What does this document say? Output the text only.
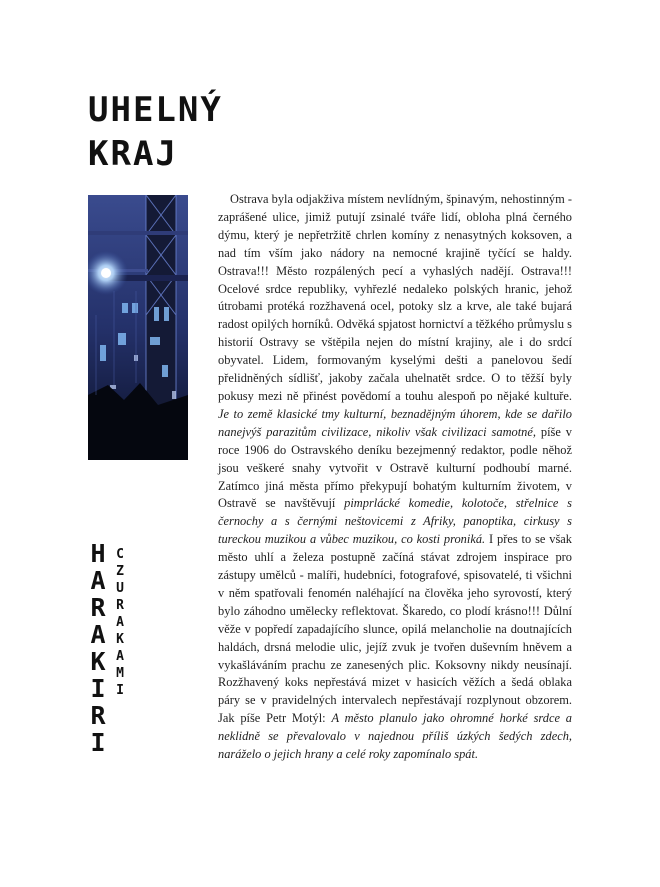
UHELNÝ
KRAJ

Ostrava byla odjakživa místem nevlídným, špinavým, nehostinným - zaprášené ulice, jimiž putují zsinalé tváře lidí, obloha plná černého dýmu, který je nepřetržitě chrlen komíny z nenasytných koksoven, a nad tím vším jako nádory na nemocné krajině tyčící se haldy. Ostrava!!! Město rozpálených pecí a vyhaslých nadějí. Ostrava!!! Ocelové srdce republiky, vyhřezlé nedaleko polských hranic, jehož útrobami protéká rozžhavená ocel, potoky slz a krve, ale také bujará radost opilých horníků. Odvěká spjatost hornictví a těžkého průmyslu s historií Ostravy se vštěpila nejen do místní krajiny, ale i do srdcí obyvatel. Lidem, formovaným kyselými dešti a panelovou šedí přelidněných sídlišť, jakoby začala uhelnatět srdce. O to těžší byly pokusy mezi ně přinést povědomí a touhu alespoň po nějaké kultuře. Je to země klasické tmy kulturní, beznadějným úhorem, kde se dařilo nanejvýš parazitům civilizace, nikoliv však civilizaci samotné, píše v roce 1906 do Ostravského deníku bezejmenný redaktor, podle něhož jsou veškeré snahy vytvořit v Ostravě kulturní podhoubí marné. Zatímco jiná města přímo překypují bohatým kulturním životem, v Ostravě se navštěvují pimprlácké komedie, kolotoče, střelnice s černochy a s černými neštovicemi z Afriky, panoptika, cirkusy s tureckou muzikou a vůbec muzikou, co kosti proniká. I přes to se však město uhlí a železa postupně začíná stávat zdrojem inspirace pro zástupy umělců - malíři, hudebníci, fotografové, spisovatelé, ti všichni v něm spatřovali fenomén naléhající na člověka jeho syrovostí, který bylo záhodno umělecky reflektovat. Škaredo, co plodí krásno!!! Důlní věže v popředí zapadajícího slunce, opilá melancholie na doutnajících haldách, drsná melodie ulic, jejíž zvuk je tvořen duševním hněvem a vykašláváním prachu ze zanesených plic. Koksovny nikdy neusínají. Rozžhavený koks nepřestává mizet v hasicích věžích a šedá oblaka páry se v pravidelných intervalech nepřestávají rozplynout obzorem. Jak píše Petr Motýl: A město planulo jako ohromné horké srdce a neklidně se převalovalo v najednou příliš úzkých šedých zdech, naráželo o jejich hrany a celé roky zapomínalo spát.

H
A
R
A
K
I
R
I
C
Z
U
R
A
K
A
M
I
